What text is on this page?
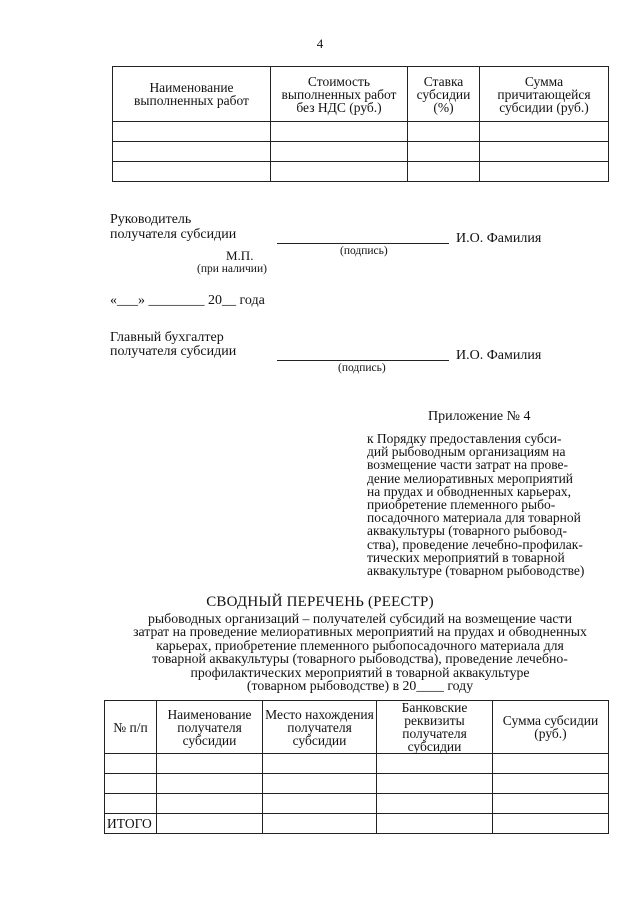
4
Наименование выполненных работ	Стоимость выполненных работ без НДС (руб.)	Ставка субсидии (%)	Сумма причитающейся субсидии (руб.)

Руководитель
получателя субсидии	И.О. Фамилия
(подпись)
М.П.
(при наличии)
«___» ________ 20__ года
Главный бухгалтер
получателя субсидии	И.О. Фамилия
(подпись)
Приложение № 4
к Порядку предоставления субси-
дий рыбоводным организациям на
возмещение части затрат на прове-
дение мелиоративных мероприятий
на прудах и обводненных карьерах,
приобретение племенного рыбо-
посадочного материала для товарной
аквакультуры (товарного рыбовод-
ства), проведение лечебно-профилак-
тических мероприятий в товарной
аквакультуре (товарном рыбоводстве)
СВОДНЫЙ ПЕРЕЧЕНЬ (РЕЕСТР)
рыбоводных организаций – получателей субсидий на возмещение части
затрат на проведение мелиоративных мероприятий на прудах и обводненных
карьерах, приобретение племенного рыбопосадочного материала для
товарной аквакультуры (товарного рыбоводства), проведение лечебно-
профилактических мероприятий в товарной аквакультуре
(товарном рыбоводстве) в 20____ году
№ п/п	Наименование получателя субсидии	Место нахождения получателя субсидии	Банковские реквизиты получателя субсидии	Сумма субсидии (руб.)

ИТОГО				
